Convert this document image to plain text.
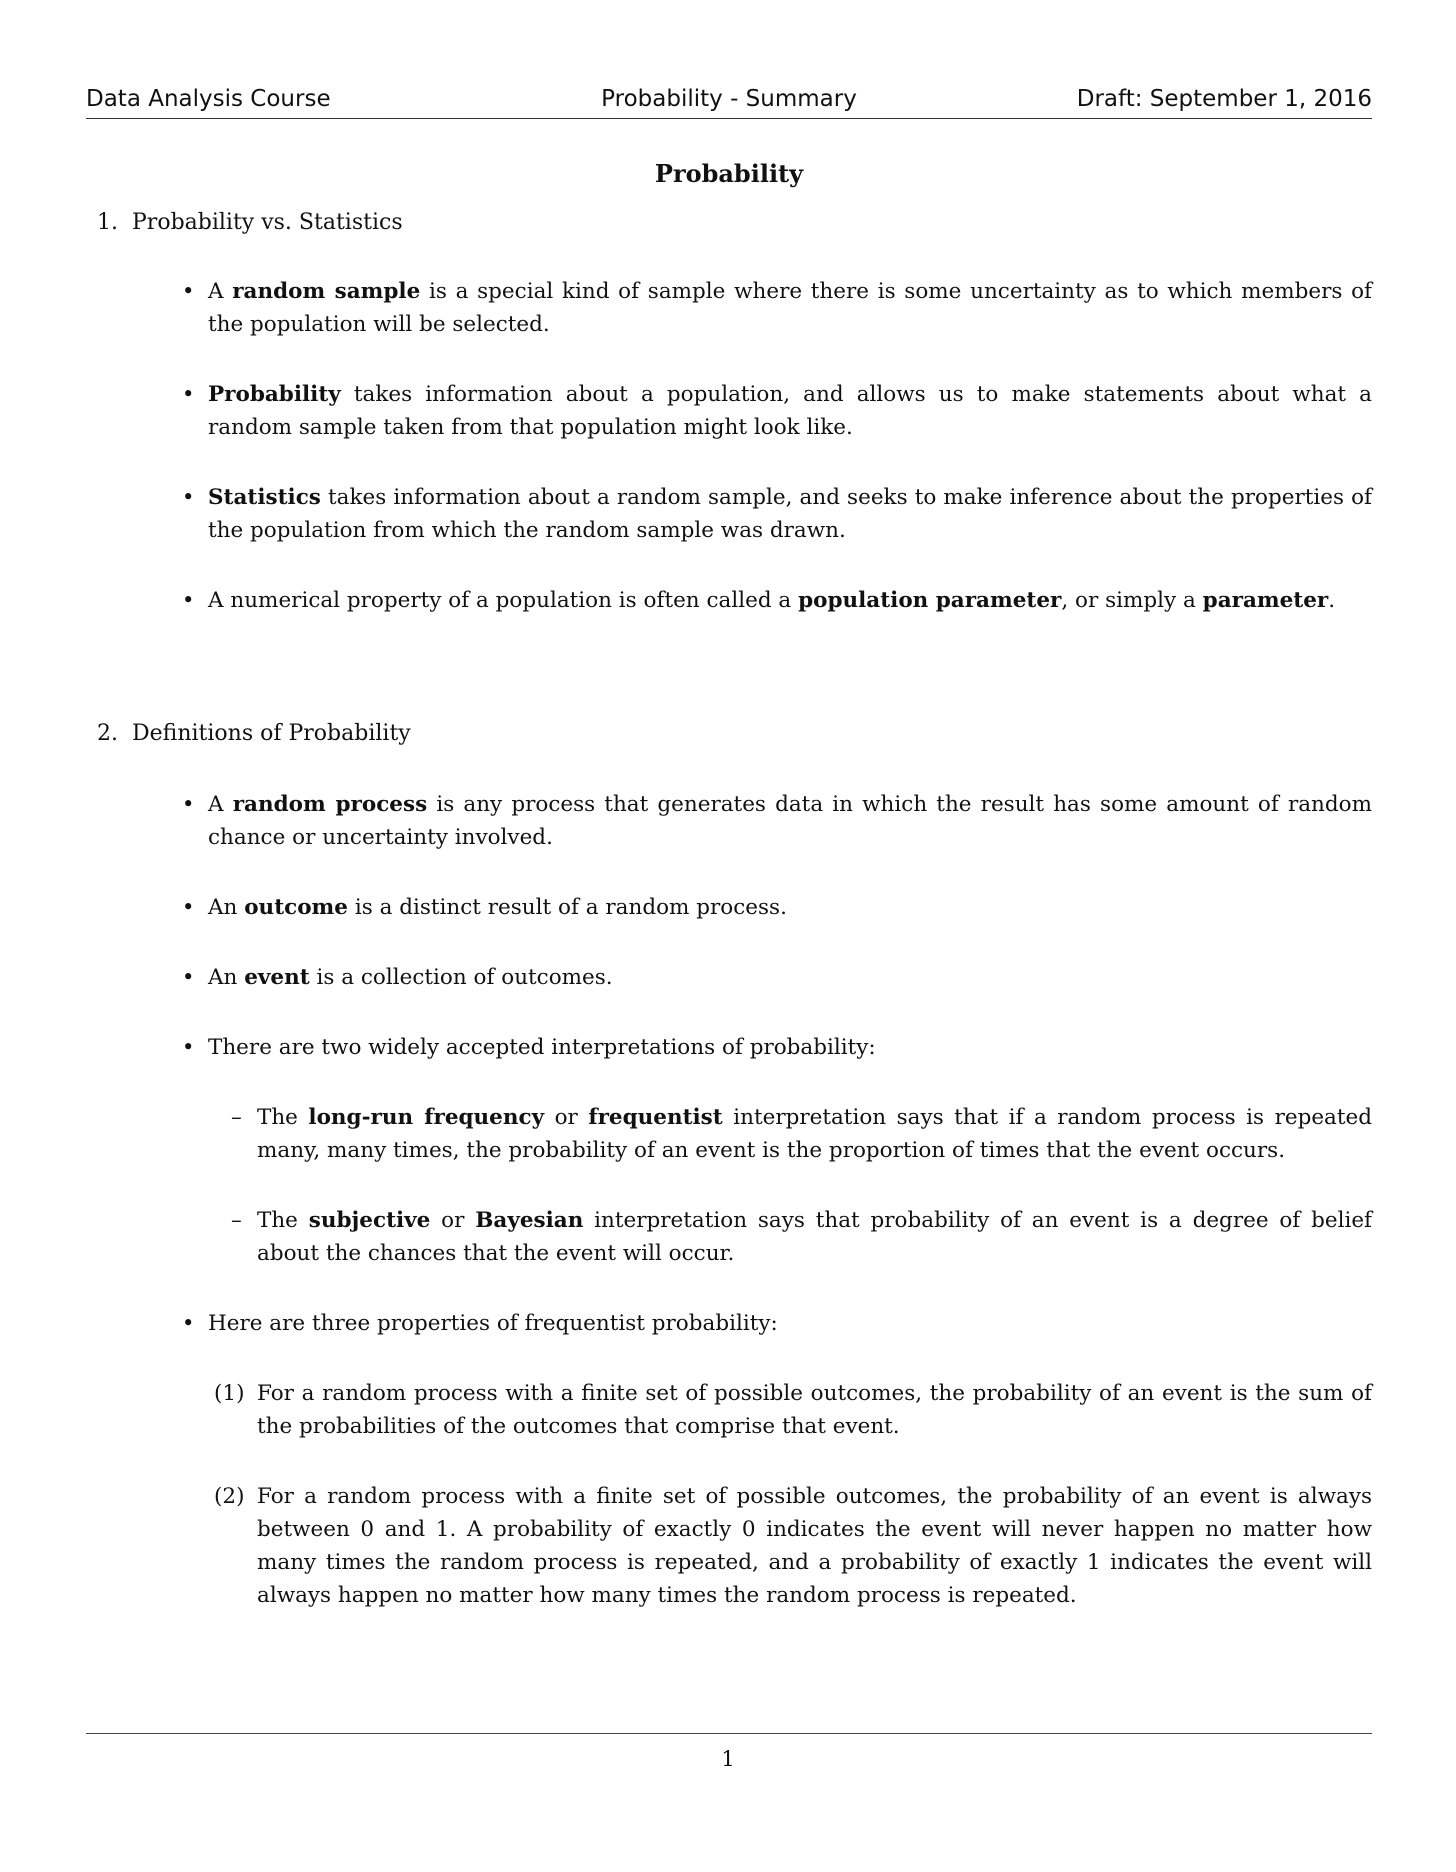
Data Analysis Course	Probability - Summary	Draft: September 1, 2016
Probability
1. Probability vs. Statistics
• A random sample is a special kind of sample where there is some uncertainty as to which members of the population will be selected.
• Probability takes information about a population, and allows us to make statements about what a random sample taken from that population might look like.
• Statistics takes information about a random sample, and seeks to make inference about the properties of the population from which the random sample was drawn.
• A numerical property of a population is often called a population parameter, or simply a parameter.
2. Definitions of Probability
• A random process is any process that generates data in which the result has some amount of random chance or uncertainty involved.
• An outcome is a distinct result of a random process.
• An event is a collection of outcomes.
• There are two widely accepted interpretations of probability:
– The long-run frequency or frequentist interpretation says that if a random process is repeated many, many times, the probability of an event is the proportion of times that the event occurs.
– The subjective or Bayesian interpretation says that probability of an event is a degree of belief about the chances that the event will occur.
• Here are three properties of frequentist probability:
(1) For a random process with a finite set of possible outcomes, the probability of an event is the sum of the probabilities of the outcomes that comprise that event.
(2) For a random process with a finite set of possible outcomes, the probability of an event is always between 0 and 1. A probability of exactly 0 indicates the event will never happen no matter how many times the random process is repeated, and a probability of exactly 1 indicates the event will always happen no matter how many times the random process is repeated.
1
